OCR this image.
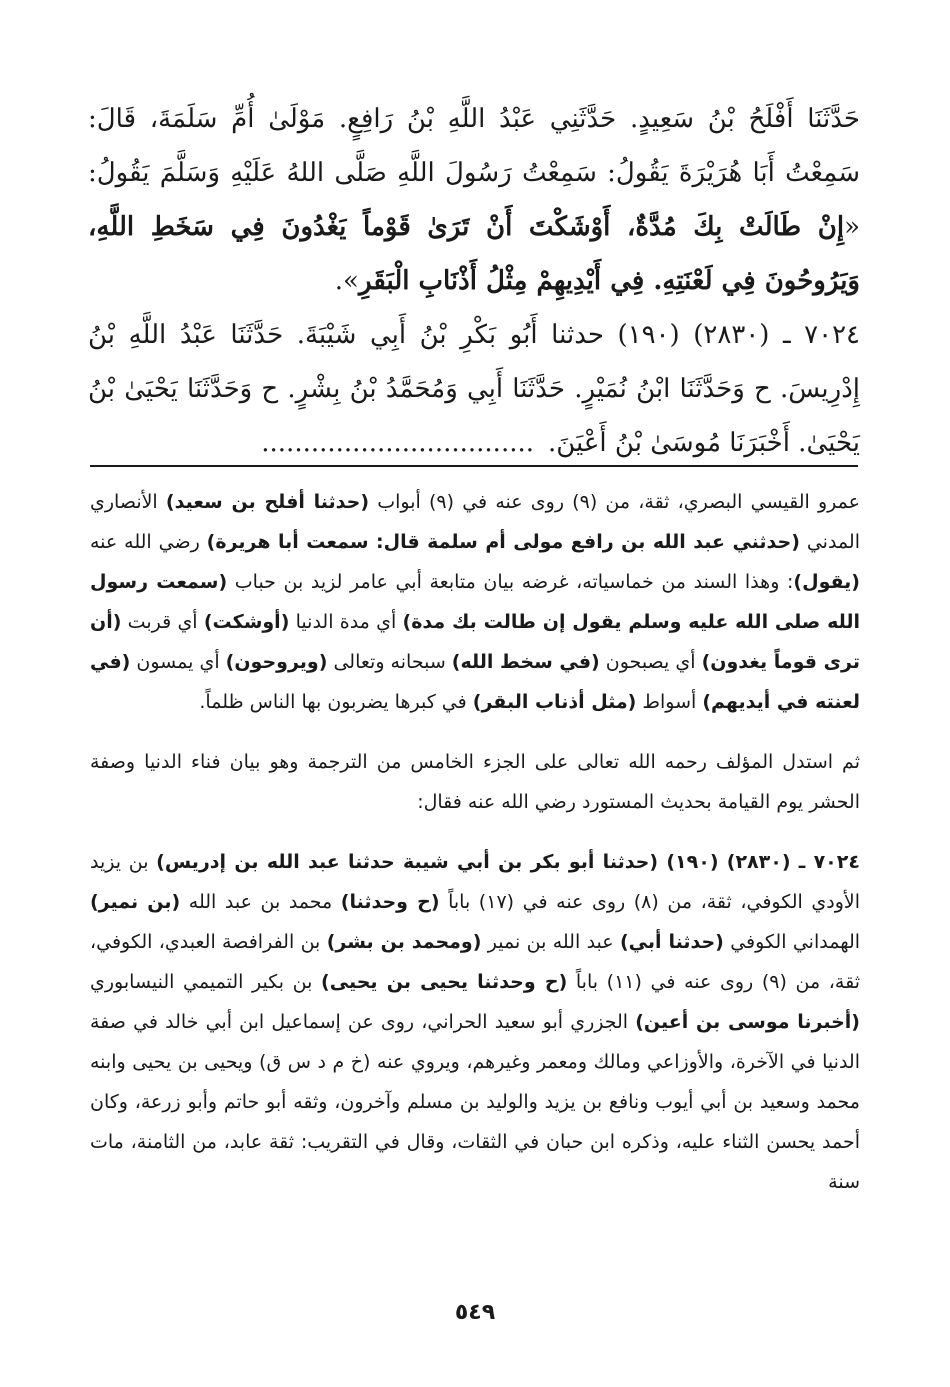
حَدَّثَنَا أَفْلَحُ بْنُ سَعِيدٍ. حَدَّثَنِي عَبْدُ اللَّهِ بْنُ رَافِعٍ. مَوْلَىٰ أُمِّ سَلَمَةَ، قَالَ: سَمِعْتُ أَبَا هُرَيْرَةَ يَقُولُ: سَمِعْتُ رَسُولَ اللَّهِ صَلَّى اللهُ عَلَيْهِ وَسَلَّمَ يَقُولُ: «إِنْ طَالَتْ بِكَ مُدَّةٌ، أَوْشَكْتَ أَنْ تَرَىٰ قَوْماً يَغْدُونَ فِي سَخَطِ اللَّهِ، وَيَرُوحُونَ فِي لَعْنَتِهِ. فِي أَيْدِيهِمْ مِثْلُ أَذْنَابِ الْبَقَرِ».

٧٠٢٤ ـ (٢٨٣٠) (١٩٠) حدثنا أَبُو بَكْرِ بْنُ أَبِي شَيْبَةَ. حَدَّثَنَا عَبْدُ اللَّهِ بْنُ إِدْرِيسَ. ح وَحَدَّثَنَا ابْنُ نُمَيْرٍ. حَدَّثَنَا أَبِي وَمُحَمَّدُ بْنُ بِشْرٍ. ح وَحَدَّثَنَا يَحْيَىٰ بْنُ يَحْيَىٰ. أَخْبَرَنَا مُوسَىٰ بْنُ أَعْيَنَ..................................

عمرو القيسي البصري، ثقة، من (٩) روى عنه في (٩) أبواب (حدثنا أفلح بن سعيد) الأنصاري المدني (حدثني عبد الله بن رافع مولى أم سلمة قال: سمعت أبا هريرة) رضي الله عنه (يقول): وهذا السند من خماسياته، غرضه بيان متابعة أبي عامر لزيد بن حباب (سمعت رسول الله صلى الله عليه وسلم يقول إن طالت بك مدة) أي مدة الدنيا (أوشكت) أي قربت (أن ترى قوماً يغدون) أي يصبحون (في سخط الله) سبحانه وتعالى (ويروحون) أي يمسون (في لعنته في أيديهم) أسواط (مثل أذناب البقر) في كبرها يضربون بها الناس ظلماً.

ثم استدل المؤلف رحمه الله تعالى على الجزء الخامس من الترجمة وهو بيان فناء الدنيا وصفة الحشر يوم القيامة بحديث المستورد رضي الله عنه فقال:

٧٠٢٤ ـ (٢٨٣٠) (١٩٠) (حدثنا أبو بكر بن أبي شيبة حدثنا عبد الله بن إدريس) بن يزيد الأودي الكوفي، ثقة، من (٨) روى عنه في (١٧) باباً (ح وحدثنا) محمد بن عبد الله (بن نمير) الهمداني الكوفي (حدثنا أبي) عبد الله بن نمير (ومحمد بن بشر) بن الفرافصة العبدي، الكوفي، ثقة، من (٩) روى عنه في (١١) باباً (ح وحدثنا يحيى بن يحيى) بن بكير التميمي النيسابوري (أخبرنا موسى بن أعين) الجزري أبو سعيد الحراني، روى عن إسماعيل ابن أبي خالد في صفة الدنيا في الآخرة، والأوزاعي ومالك ومعمر وغيرهم، ويروي عنه (خ م د س ق) ويحيى بن يحيى وابنه محمد وسعيد بن أبي أيوب ونافع بن يزيد والوليد بن مسلم وآخرون، وثقه أبو حاتم وأبو زرعة، وكان أحمد يحسن الثناء عليه، وذكره ابن حبان في الثقات، وقال في التقريب: ثقة عابد، من الثامنة، مات سنة

٥٤٩
